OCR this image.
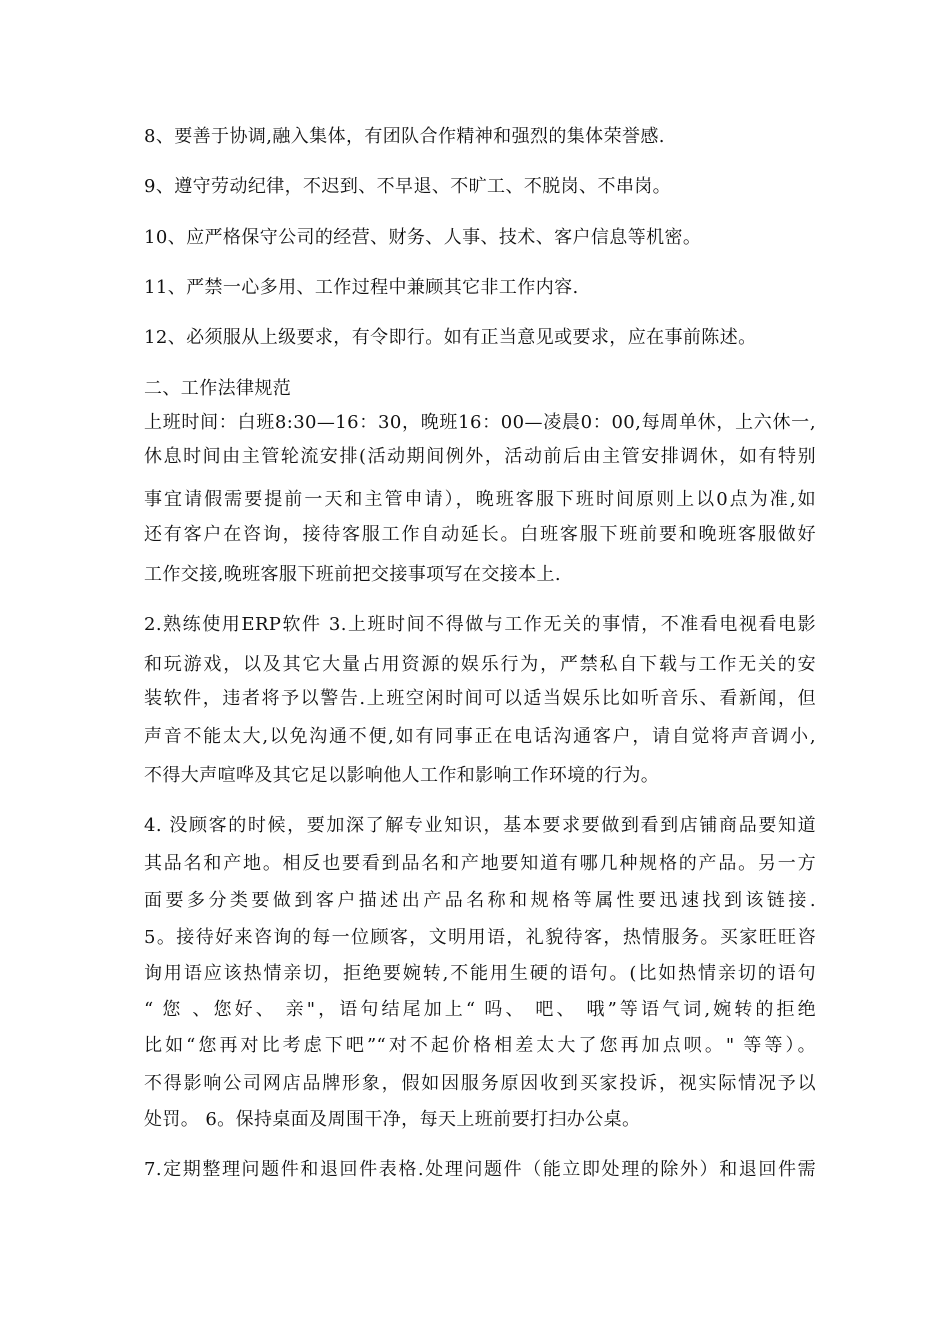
8、要善于协调,融入集体，有团队合作精神和强烈的集体荣誉感.
9、遵守劳动纪律，不迟到、不早退、不旷工、不脱岗、不串岗。
10、应严格保守公司的经营、财务、人事、技术、客户信息等机密。
11、严禁一心多用、工作过程中兼顾其它非工作内容.
12、必须服从上级要求，有令即行。如有正当意见或要求，应在事前陈述。
二、工作法律规范
上班时间：白班8:30—16：30，晚班16：00—凌晨0：00,每周单休，上六休一,
休息时间由主管轮流安排(活动期间例外，活动前后由主管安排调休，如有特别
事宜请假需要提前一天和主管申请），晚班客服下班时间原则上以0点为准,如
还有客户在咨询，接待客服工作自动延长。白班客服下班前要和晚班客服做好
工作交接,晚班客服下班前把交接事项写在交接本上.
2.熟练使用ERP软件 3.上班时间不得做与工作无关的事情，不准看电视看电影
和玩游戏，以及其它大量占用资源的娱乐行为，严禁私自下载与工作无关的安
装软件，违者将予以警告.上班空闲时间可以适当娱乐比如听音乐、看新闻，但
声音不能太大,以免沟通不便,如有同事正在电话沟通客户，请自觉将声音调小,
不得大声喧哗及其它足以影响他人工作和影响工作环境的行为。
4. 没顾客的时候，要加深了解专业知识，基本要求要做到看到店铺商品要知道
其品名和产地。相反也要看到品名和产地要知道有哪几种规格的产品。另一方
面要多分类要做到客户描述出产品名称和规格等属性要迅速找到该链接.
5。接待好来咨询的每一位顾客，文明用语，礼貌待客，热情服务。买家旺旺咨
询用语应该热情亲切，拒绝要婉转,不能用生硬的语句。(比如热情亲切的语句
“ 您 、您好、 亲"，语句结尾加上“ 吗、 吧、 哦”等语气词,婉转的拒绝
比如“您再对比考虑下吧”“对不起价格相差太大了您再加点呗。" 等等）。
不得影响公司网店品牌形象，假如因服务原因收到买家投诉，视实际情况予以
处罚。 6。保持桌面及周围干净，每天上班前要打扫办公桌。
7.定期整理问题件和退回件表格.处理问题件（能立即处理的除外）和退回件需
